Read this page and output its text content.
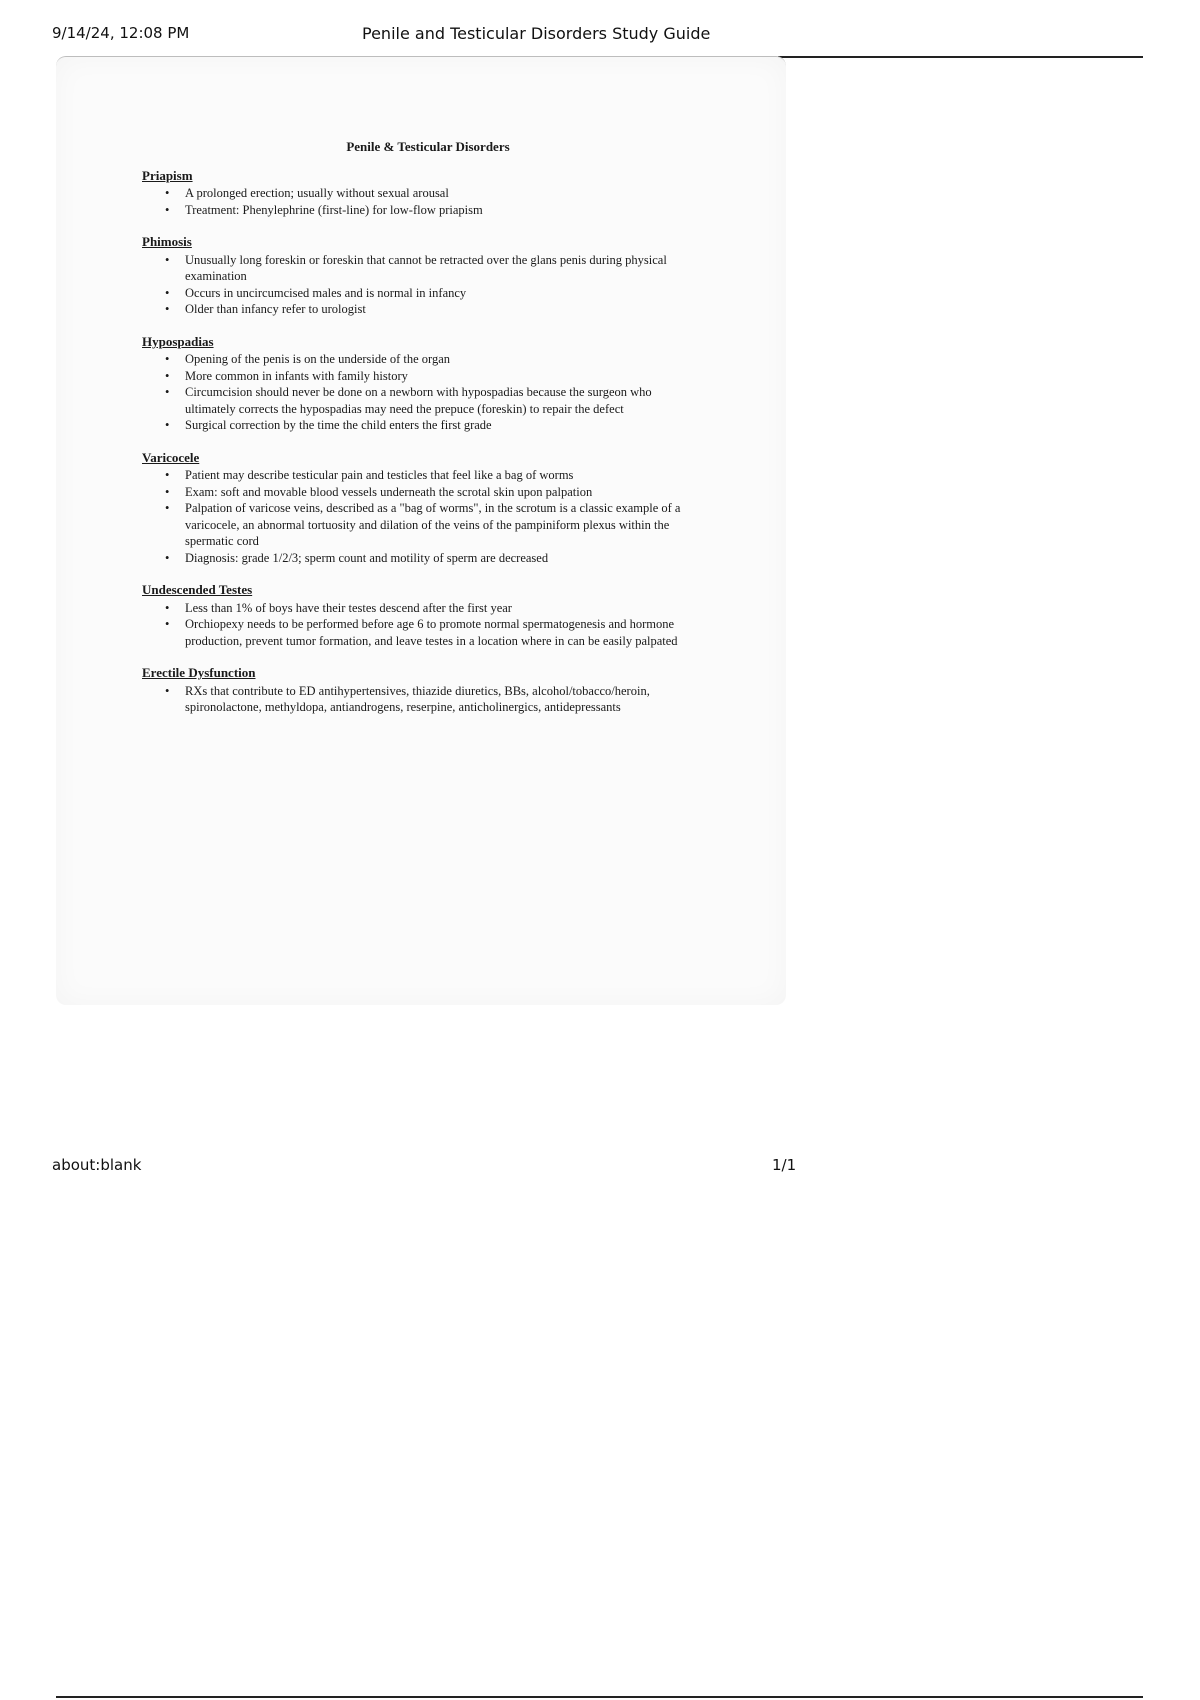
9/14/24, 12:08 PM	Penile and Testicular Disorders Study Guide
Penile & Testicular Disorders
Priapism
• A prolonged erection; usually without sexual arousal
• Treatment: Phenylephrine (first-line) for low-flow priapism
Phimosis
• Unusually long foreskin or foreskin that cannot be retracted over the glans penis during physical examination
• Occurs in uncircumcised males and is normal in infancy
• Older than infancy refer to urologist
Hypospadias
• Opening of the penis is on the underside of the organ
• More common in infants with family history
• Circumcision should never be done on a newborn with hypospadias because the surgeon who ultimately corrects the hypospadias may need the prepuce (foreskin) to repair the defect
• Surgical correction by the time the child enters the first grade
Varicocele
• Patient may describe testicular pain and testicles that feel like a bag of worms
• Exam: soft and movable blood vessels underneath the scrotal skin upon palpation
• Palpation of varicose veins, described as a "bag of worms", in the scrotum is a classic example of a varicocele, an abnormal tortuosity and dilation of the veins of the pampiniform plexus within the spermatic cord
• Diagnosis: grade 1/2/3; sperm count and motility of sperm are decreased
Undescended Testes
• Less than 1% of boys have their testes descend after the first year
• Orchiopexy needs to be performed before age 6 to promote normal spermatogenesis and hormone production, prevent tumor formation, and leave testes in a location where in can be easily palpated
Erectile Dysfunction
• RXs that contribute to ED antihypertensives, thiazide diuretics, BBs, alcohol/tobacco/heroin, spironolactone, methyldopa, antiandrogens, reserpine, anticholinergics, antidepressants
about:blank	1/1
